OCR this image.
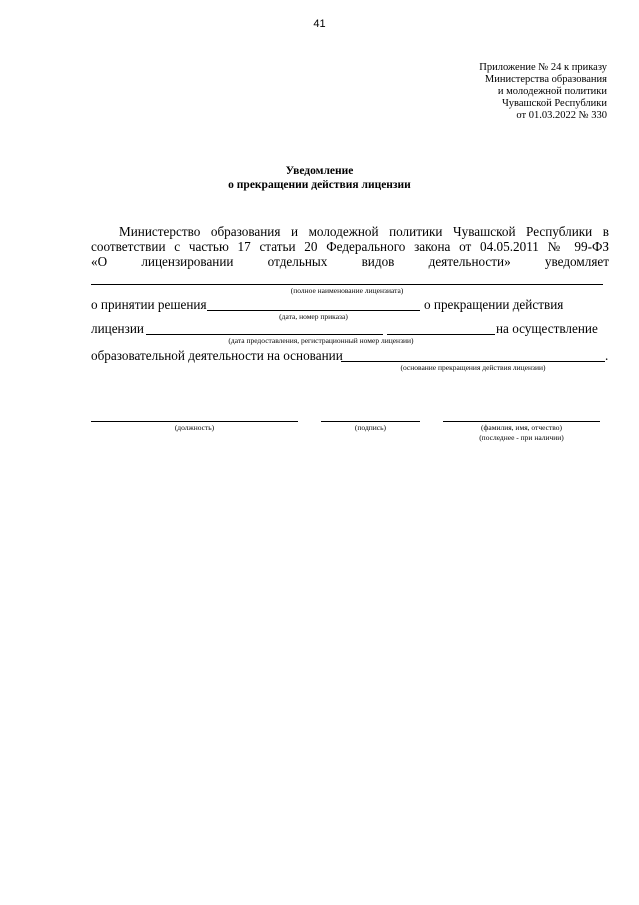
41
Приложение № 24 к приказу
Министерства образования
и молодежной политики
Чувашской Республики
от 01.03.2022 № 330
Уведомление
о прекращении действия лицензии
Министерство образования и молодежной политики Чувашской Республики в
соответствии с частью 17 статьи 20 Федерального закона от 04.05.2011 № 99-ФЗ
«О лицензировании отдельных видов деятельности» уведомляет
(полное наименование лицензиата)
о принятии решения
(дата, номер приказа)
о прекращении действия
лицензии
(дата предоставления, регистрационный номер лицензии)
на осуществление
образовательной деятельности на основании	.
(основание прекращения действия лицензии)
(должность)	(подпись)	(фамилия, имя, отчество)
(последнее - при наличии)
